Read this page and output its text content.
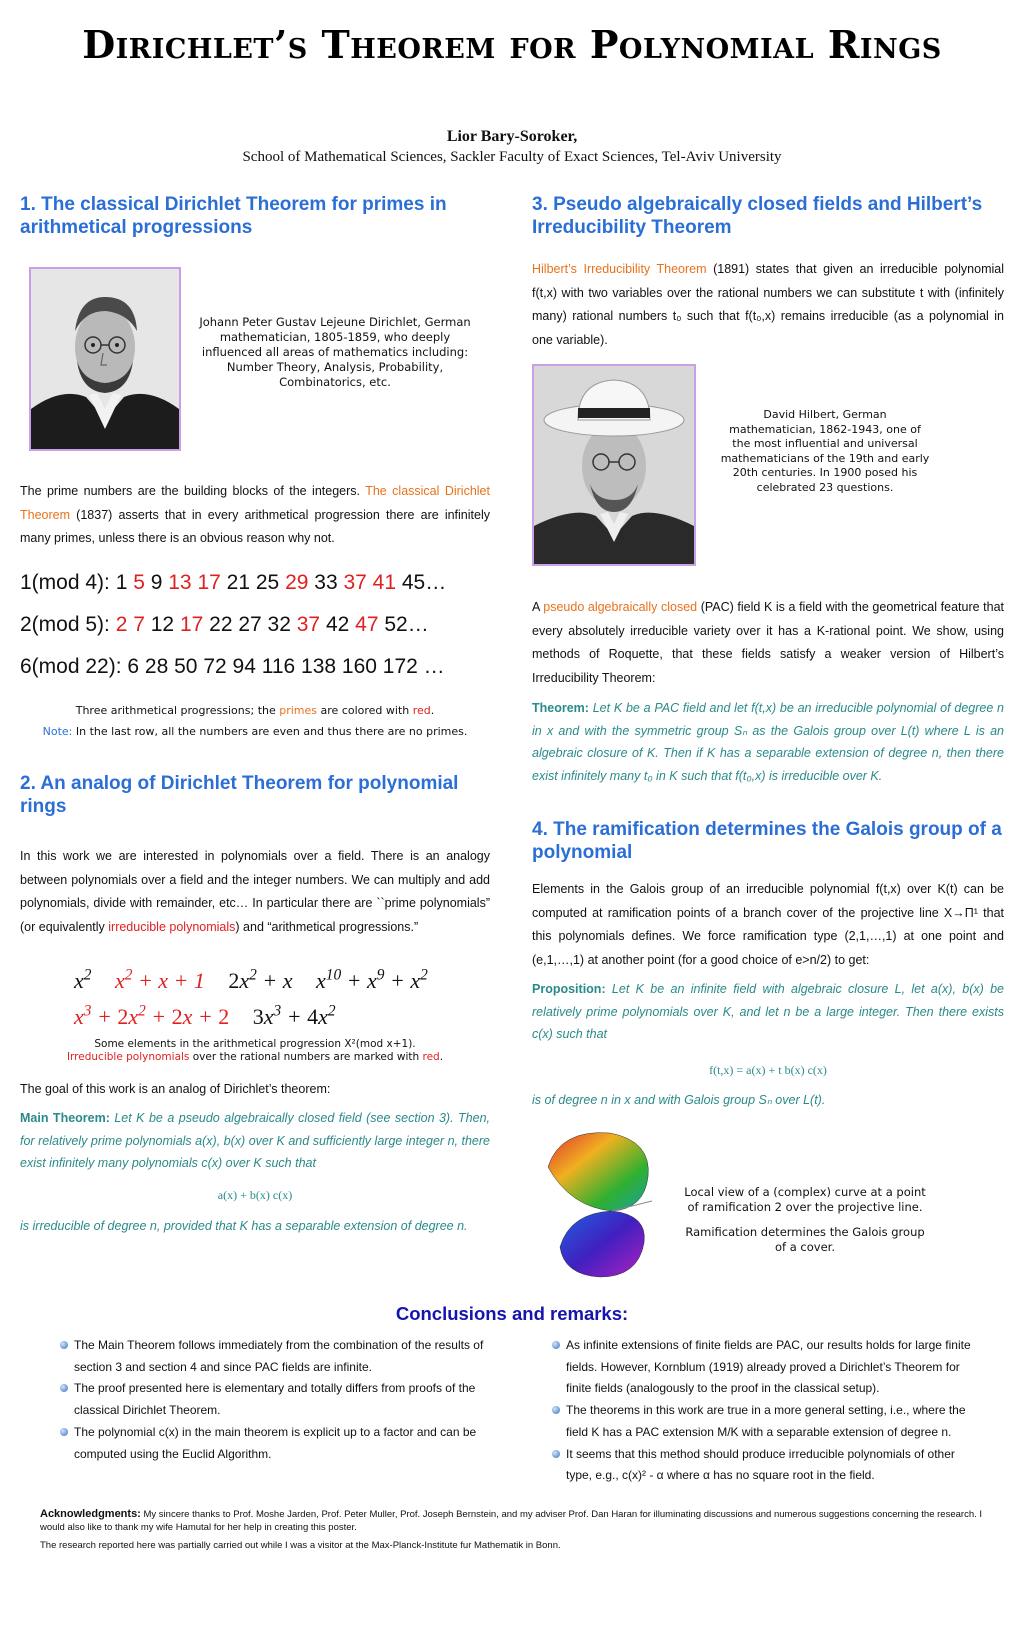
Dirichlet’s Theorem for Polynomial Rings
Lior Bary-Soroker,
School of Mathematical Sciences, Sackler Faculty of Exact Sciences, Tel-Aviv University
1. The classical Dirichlet Theorem for primes in arithmetical progressions
Johann Peter Gustav Lejeune Dirichlet, German mathematician, 1805-1859, who deeply influenced all areas of mathematics including: Number Theory, Analysis, Probability, Combinatorics, etc.
The prime numbers are the building blocks of the integers. The classical Dirichlet Theorem (1837) asserts that in every arithmetical progression there are infinitely many primes, unless there is an obvious reason why not.
1(mod 4): 1 5 9 13 17 21 25 29 33 37 41 45…
2(mod 5): 2 7 12 17 22 27 32 37 42 47 52…
6(mod 22): 6 28 50 72 94 116 138 160 172 …
Three arithmetical progressions; the primes are colored with red.
Note: In the last row, all the numbers are even and thus there are no primes.
2. An analog of Dirichlet Theorem for polynomial rings
In this work we are interested in polynomials over a field. There is an analogy between polynomials over a field and the integer numbers. We can multiply and add polynomials, divide with remainder, etc… In particular there are ``prime polynomials” (or equivalently irreducible polynomials) and “arithmetical progressions.”
$x^2$ $x^2 + x + 1$ $2x^2 + x$ $x^{10} + x^9 + x^2$
$x^3 + 2x^2 + 2x + 2$ $3x^3 + 4x^2$
Some elements in the arithmetical progression X²(mod x+1).
Irreducible polynomials over the rational numbers are marked with red.
The goal of this work is an analog of Dirichlet’s theorem:
Main Theorem: Let K be a pseudo algebraically closed field (see section 3). Then, for relatively prime polynomials a(x), b(x) over K and sufficiently large integer n, there exist infinitely many polynomials c(x) over K such that
a(x) + b(x) c(x)
is irreducible of degree n, provided that K has a separable extension of degree n.
3. Pseudo algebraically closed fields and Hilbert’s Irreducibility Theorem
Hilbert’s Irreducibility Theorem (1891) states that given an irreducible polynomial f(t,x) with two variables over the rational numbers we can substitute t with (infinitely many) rational numbers t₀ such that f(t₀,x) remains irreducible (as a polynomial in one variable).
David Hilbert, German mathematician, 1862-1943, one of the most influential and universal mathematicians of the 19th and early 20th centuries. In 1900 posed his celebrated 23 questions.
A pseudo algebraically closed (PAC) field K is a field with the geometrical feature that every absolutely irreducible variety over it has a K-rational point. We show, using methods of Roquette, that these fields satisfy a weaker version of Hilbert’s Irreducibility Theorem:
Theorem: Let K be a PAC field and let f(t,x) be an irreducible polynomial of degree n in x and with the symmetric group Sₙ as the Galois group over L(t) where L is an algebraic closure of K. Then if K has a separable extension of degree n, then there exist infinitely many t₀ in K such that f(t₀,x) is irreducible over K.
4. The ramification determines the Galois group of a polynomial
Elements in the Galois group of an irreducible polynomial f(t,x) over K(t) can be computed at ramification points of a branch cover of the projective line X→Π¹ that this polynomials defines. We force ramification type (2,1,…,1) at one point and (e,1,…,1) at another point (for a good choice of e>n/2) to get:
Proposition: Let K be an infinite field with algebraic closure L, let a(x), b(x) be relatively prime polynomials over K, and let n be a large integer. Then there exists c(x) such that
f(t,x) = a(x) + t b(x) c(x)
is of degree n in x and with Galois group Sₙ over L(t).
Local view of a (complex) curve at a point of ramification 2 over the projective line.
Ramification determines the Galois group of a cover.
Conclusions and remarks:
The Main Theorem follows immediately from the combination of the results of section 3 and section 4 and since PAC fields are infinite.
The proof presented here is elementary and totally differs from proofs of the classical Dirichlet Theorem.
The polynomial c(x) in the main theorem is explicit up to a factor and can be computed using the Euclid Algorithm.
As infinite extensions of finite fields are PAC, our results holds for large finite fields. However, Kornblum (1919) already proved a Dirichlet’s Theorem for finite fields (analogously to the proof in the classical setup).
The theorems in this work are true in a more general setting, i.e., where the field K has a PAC extension M/K with a separable extension of degree n.
It seems that this method should produce irreducible polynomials of other type, e.g., c(x)² - α where α has no square root in the field.
Acknowledgments: My sincere thanks to Prof. Moshe Jarden, Prof. Peter Muller, Prof. Joseph Bernstein, and my adviser Prof. Dan Haran for illuminating discussions and numerous suggestions concerning the research. I would also like to thank my wife Hamutal for her help in creating this poster.
The research reported here was partially carried out while I was a visitor at the Max-Planck-Institute fur Mathematik in Bonn.
